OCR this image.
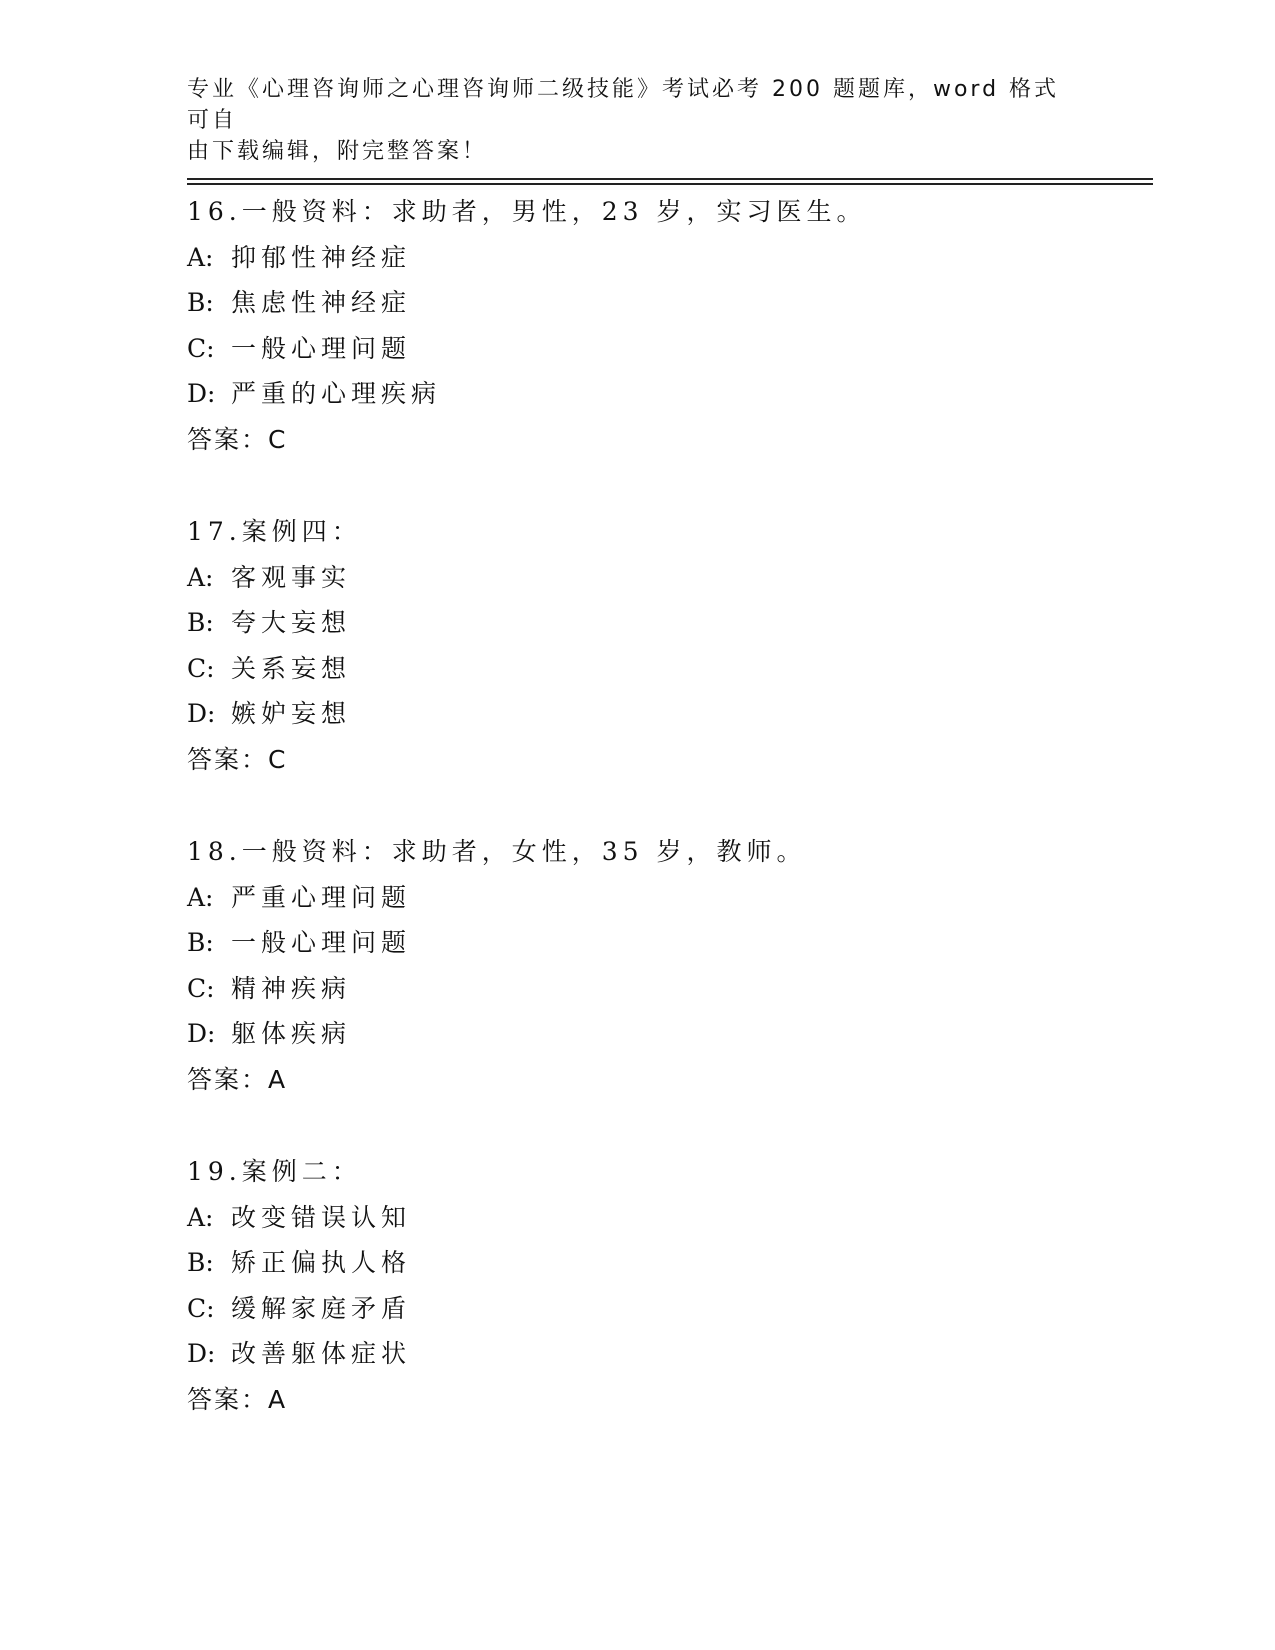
专业《心理咨询师之心理咨询师二级技能》考试必考 200 题题库，word 格式可自
由下载编辑，附完整答案！
16.一般资料：求助者，男性，23 岁，实习医生。
A: 抑郁性神经症
B: 焦虑性神经症
C: 一般心理问题
D: 严重的心理疾病
答案：C
17.案例四：
A: 客观事实
B: 夸大妄想
C: 关系妄想
D: 嫉妒妄想
答案：C
18.一般资料：求助者，女性，35 岁，教师。
A: 严重心理问题
B: 一般心理问题
C: 精神疾病
D: 躯体疾病
答案：A
19.案例二：
A: 改变错误认知
B: 矫正偏执人格
C: 缓解家庭矛盾
D: 改善躯体症状
答案：A
